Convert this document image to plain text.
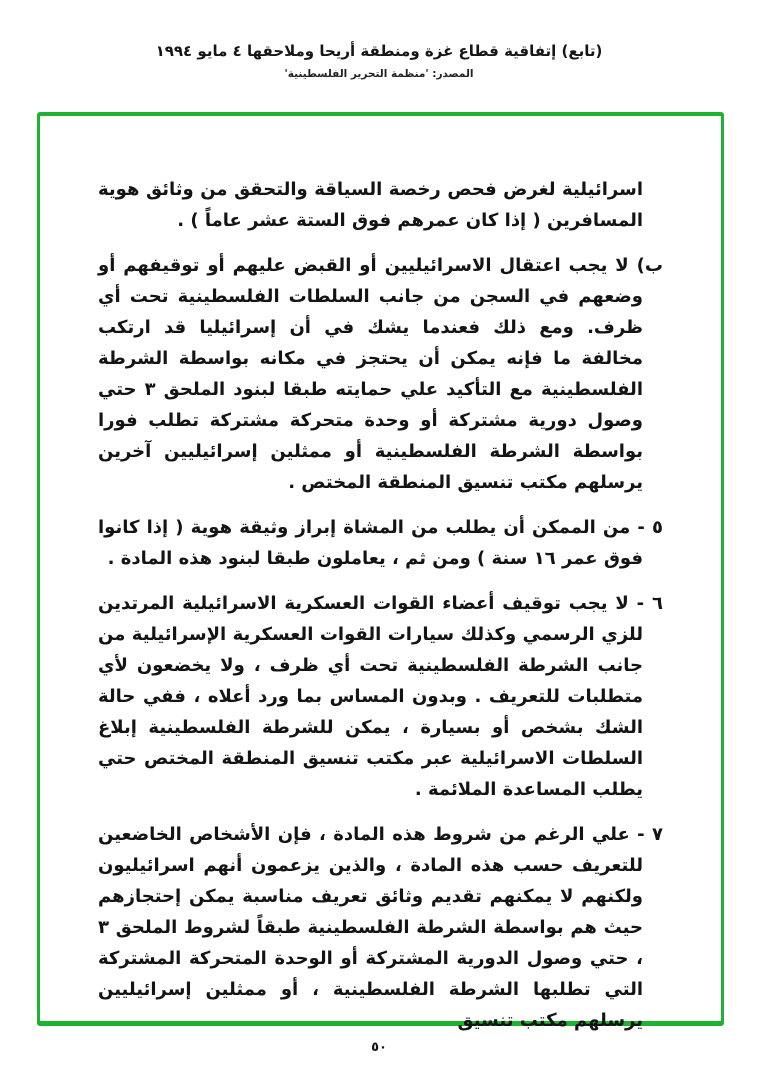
(تابع) إتفاقية قطاع غزة ومنطقة أريحا وملاحقها ٤ مايو ١٩٩٤
المصدر: 'منظمة التحرير الفلسطينية'

اسرائيلية لغرض فحص رخصة السياقة والتحقق من وثائق هوية المسافرين ( إذا كان عمرهم فوق الستة عشر عاماً ) .

ب) لا يجب اعتقال الاسرائيليين أو القبض عليهم أو توقيفهم أو وضعهم في السجن من جانب السلطات الفلسطينية تحت أي ظرف. ومع ذلك فعندما يشك في أن إسرائيليا قد ارتكب مخالفة ما فإنه يمكن أن يحتجز في مكانه بواسطة الشرطة الفلسطينية مع التأكيد علي حمايته طبقا لبنود الملحق ٣ حتي وصول دورية مشتركة أو وحدة متحركة مشتركة تطلب فورا بواسطة الشرطة الفلسطينية أو ممثلين إسرائيليين آخرين يرسلهم مكتب تنسيق المنطقة المختص .

٥ - من الممكن أن يطلب من المشاة إبراز وثيقة هوية ( إذا كانوا فوق عمر ١٦ سنة ) ومن ثم ، يعاملون طبقا لبنود هذه المادة .

٦ - لا يجب توقيف أعضاء القوات العسكرية الاسرائيلية المرتدين للزي الرسمي وكذلك سيارات القوات العسكرية الإسرائيلية من جانب الشرطة الفلسطينية تحت أي ظرف ، ولا يخضعون لأي متطلبات للتعريف . وبدون المساس بما ورد أعلاه ، ففي حالة الشك بشخص أو بسيارة ، يمكن للشرطة الفلسطينية إبلاغ السلطات الاسرائيلية عبر مكتب تنسيق المنطقة المختص حتي يطلب المساعدة الملائمة .

٧ - علي الرغم من شروط هذه المادة ، فإن الأشخاص الخاضعين للتعريف حسب هذه المادة ، والذين يزعمون أنهم اسرائيليون ولكنهم لا يمكنهم تقديم وثائق تعريف مناسبة يمكن إحتجازهم حيث هم بواسطة الشرطة الفلسطينية طبقاً لشروط الملحق ٣ ، حتي وصول الدورية المشتركة أو الوحدة المتحركة المشتركة التي تطلبها الشرطة الفلسطينية ، أو ممثلين إسرائيليين يرسلهم مكتب تنسيق

٥٠
